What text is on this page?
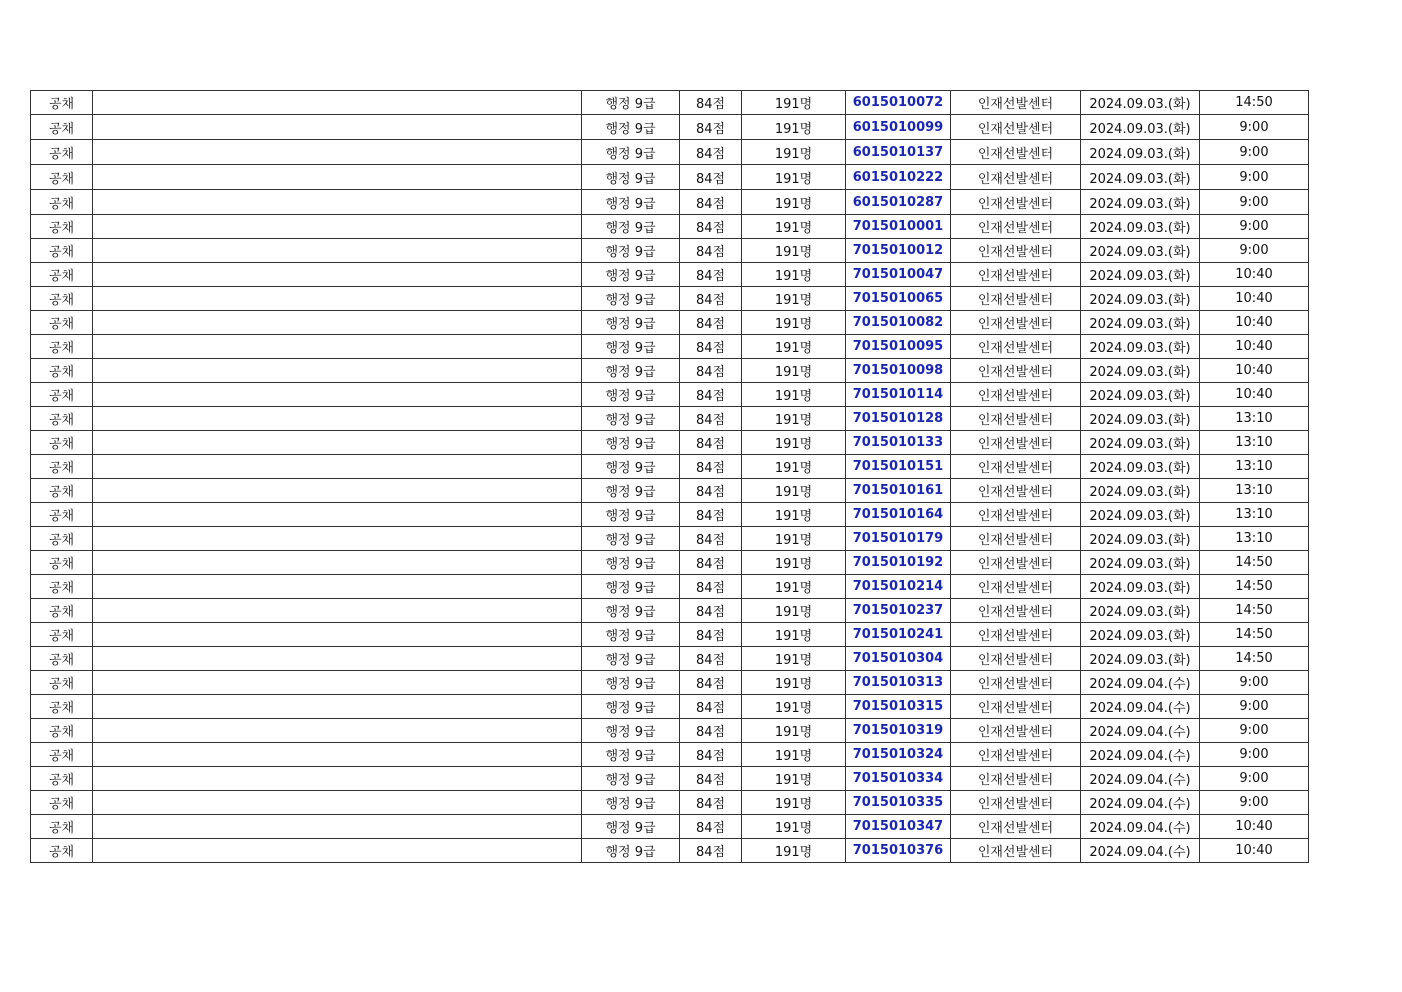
공채		행정 9급	84점	191명	6015010072	인재선발센터	2024.09.03.(화)	14:50
공채		행정 9급	84점	191명	6015010099	인재선발센터	2024.09.03.(화)	9:00
공채		행정 9급	84점	191명	6015010137	인재선발센터	2024.09.03.(화)	9:00
공채		행정 9급	84점	191명	6015010222	인재선발센터	2024.09.03.(화)	9:00
공채		행정 9급	84점	191명	6015010287	인재선발센터	2024.09.03.(화)	9:00
공채		행정 9급	84점	191명	7015010001	인재선발센터	2024.09.03.(화)	9:00
공채		행정 9급	84점	191명	7015010012	인재선발센터	2024.09.03.(화)	9:00
공채		행정 9급	84점	191명	7015010047	인재선발센터	2024.09.03.(화)	10:40
공채		행정 9급	84점	191명	7015010065	인재선발센터	2024.09.03.(화)	10:40
공채		행정 9급	84점	191명	7015010082	인재선발센터	2024.09.03.(화)	10:40
공채		행정 9급	84점	191명	7015010095	인재선발센터	2024.09.03.(화)	10:40
공채		행정 9급	84점	191명	7015010098	인재선발센터	2024.09.03.(화)	10:40
공채		행정 9급	84점	191명	7015010114	인재선발센터	2024.09.03.(화)	10:40
공채		행정 9급	84점	191명	7015010128	인재선발센터	2024.09.03.(화)	13:10
공채		행정 9급	84점	191명	7015010133	인재선발센터	2024.09.03.(화)	13:10
공채		행정 9급	84점	191명	7015010151	인재선발센터	2024.09.03.(화)	13:10
공채		행정 9급	84점	191명	7015010161	인재선발센터	2024.09.03.(화)	13:10
공채		행정 9급	84점	191명	7015010164	인재선발센터	2024.09.03.(화)	13:10
공채		행정 9급	84점	191명	7015010179	인재선발센터	2024.09.03.(화)	13:10
공채		행정 9급	84점	191명	7015010192	인재선발센터	2024.09.03.(화)	14:50
공채		행정 9급	84점	191명	7015010214	인재선발센터	2024.09.03.(화)	14:50
공채		행정 9급	84점	191명	7015010237	인재선발센터	2024.09.03.(화)	14:50
공채		행정 9급	84점	191명	7015010241	인재선발센터	2024.09.03.(화)	14:50
공채		행정 9급	84점	191명	7015010304	인재선발센터	2024.09.03.(화)	14:50
공채		행정 9급	84점	191명	7015010313	인재선발센터	2024.09.04.(수)	9:00
공채		행정 9급	84점	191명	7015010315	인재선발센터	2024.09.04.(수)	9:00
공채		행정 9급	84점	191명	7015010319	인재선발센터	2024.09.04.(수)	9:00
공채		행정 9급	84점	191명	7015010324	인재선발센터	2024.09.04.(수)	9:00
공채		행정 9급	84점	191명	7015010334	인재선발센터	2024.09.04.(수)	9:00
공채		행정 9급	84점	191명	7015010335	인재선발센터	2024.09.04.(수)	9:00
공채		행정 9급	84점	191명	7015010347	인재선발센터	2024.09.04.(수)	10:40
공채		행정 9급	84점	191명	7015010376	인재선발센터	2024.09.04.(수)	10:40
